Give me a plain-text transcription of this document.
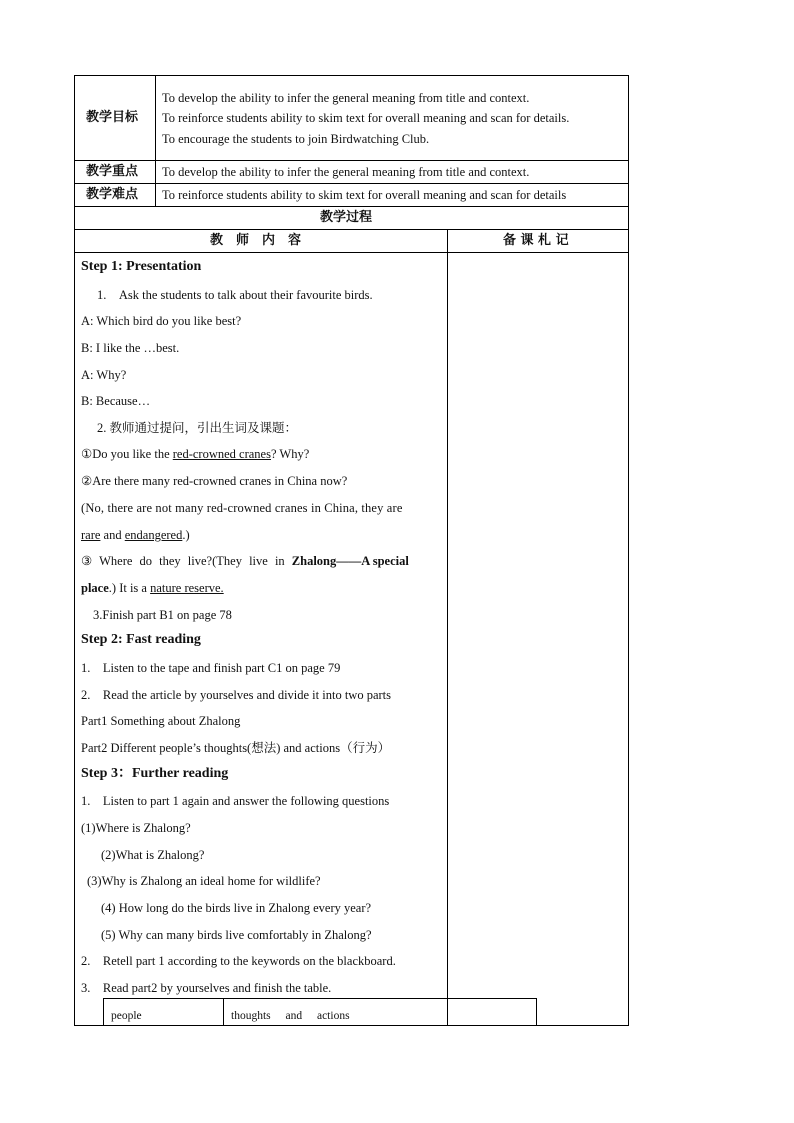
教学目标
To develop the ability to infer the general meaning from title and context.
To reinforce students ability to skim text for overall meaning and scan for details.
To encourage the students to join Birdwatching Club.
教学重点 To develop the ability to infer the general meaning from title and context.
教学难点 To reinforce students ability to skim text for overall meaning and scan for details
教学过程
教　师　内　容	备 课 札 记
Step 1: Presentation
1.　Ask the students to talk about their favourite birds.
A: Which bird do you like best?
B: I like the …best.
A: Why?
B: Because…
2. 教师通过提问，引出生词及课题：
①Do you like the red-crowned cranes? Why?
②Are there many red-crowned cranes in China now?
(No, there are not many red-crowned cranes in China, they are
rare and endangered.)
③ Where do they live?(They live in Zhalong——A special
place.) It is a nature reserve.
3.Finish part B1 on page 78
Step 2: Fast reading
1.　Listen to the tape and finish part C1 on page 79
2.　Read the article by yourselves and divide it into two parts
Part1 Something about Zhalong
Part2 Different people’s thoughts(想法) and actions（行为）
Step 3：Further reading
1.　Listen to part 1 again and answer the following questions
(1)Where is Zhalong?
(2)What is Zhalong?
(3)Why is Zhalong an ideal home for wildlife?
(4) How long do the birds live in Zhalong every year?
(5) Why can many birds live comfortably in Zhalong?
2.　Retell part 1 according to the keywords on the blackboard.
3.　Read part2 by yourselves and finish the table.
people	thoughts and actions
